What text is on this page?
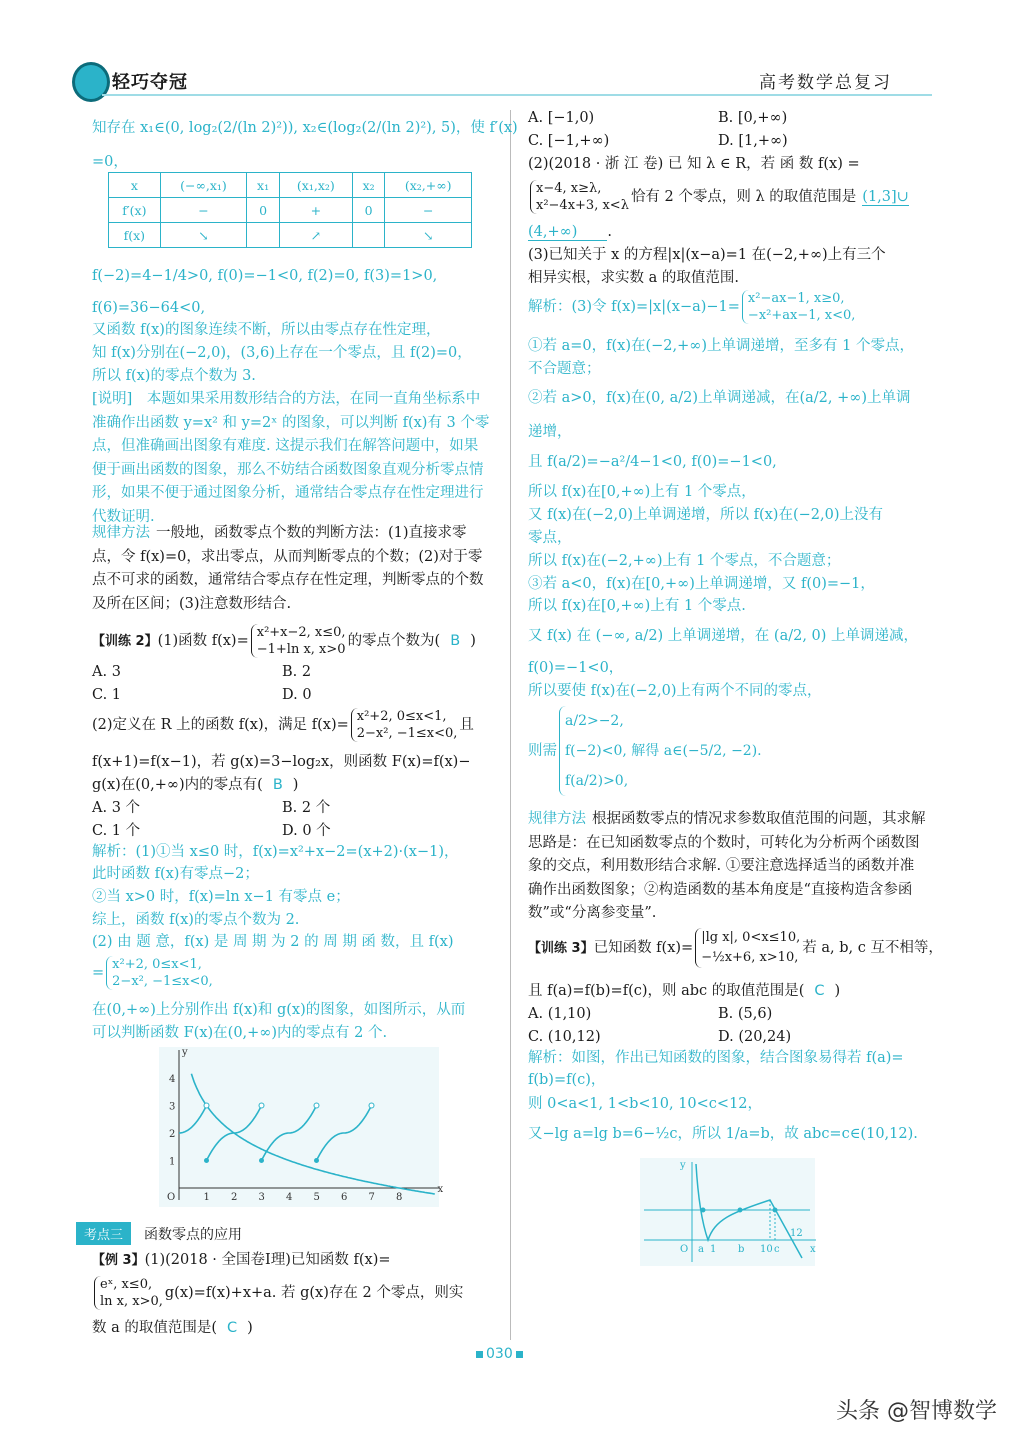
轻巧夺冠	高考数学总复习
知存在 x₁∈(0, log₂(2/(ln 2)²)), x₂∈(log₂(2/(ln 2)²), 5)，使 f′(x)
=0，
x	(−∞,x₁)	x₁	(x₁,x₂)	x₂	(x₂,+∞)
f′(x)	−	0	+	0	−
f(x)	↘		↗		↘
f(−2)=4−1/4>0, f(0)=−1<0, f(2)=0, f(3)=1>0,
f(6)=36−64<0,
又函数 f(x)的图象连续不断，所以由零点存在性定理，
知 f(x)分别在(−2,0)，(3,6)上存在一个零点，且 f(2)=0，
所以 f(x)的零点个数为 3.
[说明]　本题如果采用数形结合的方法，在同一直角坐标系中准确作出函数 y=x² 和 y=2ˣ 的图象，可以判断 f(x)有 3 个零点，但准确画出图象有难度. 这提示我们在解答问题中，如果便于画出函数的图象，那么不妨结合函数图象直观分析零点情形，如果不便于通过图象分析，通常结合零点存在性定理进行代数证明.
规律方法 一般地，函数零点个数的判断方法：(1)直接求零点，令 f(x)=0，求出零点，从而判断零点的个数；(2)对于零点不可求的函数，通常结合零点存在性定理，判断零点的个数及所在区间；(3)注意数形结合.
【训练 2】(1)函数 f(x)=x²+x−2, x≤0,
−1+ln x, x>0的零点个数为( B )
A. 3	B. 2
C. 1	D. 0
(2)定义在 R 上的函数 f(x)，满足 f(x)=x²+2, 0≤x<1,
2−x², −1≤x<0,且
f(x+1)=f(x−1)，若 g(x)=3−log₂x，则函数 F(x)=f(x)−
g(x)在(0,+∞)内的零点有( B )
A. 3 个	B. 2 个
C. 1 个	D. 0 个
解析：(1)①当 x≤0 时，f(x)=x²+x−2=(x+2)·(x−1)，
此时函数 f(x)有零点−2；
②当 x>0 时，f(x)=ln x−1 有零点 e；
综上，函数 f(x)的零点个数为 2.
(2) 由 题 意，f(x) 是 周 期 为 2 的 周 期 函 数，且 f(x)
=x²+2, 0≤x<1,
2−x², −1≤x<0,
在(0,+∞)上分别作出 f(x)和 g(x)的图象，如图所示，从而
可以判断函数 F(x)在(0,+∞)内的零点有 2 个.
1 2 3 4 5 6 7 8
1
2
3
4
O
x
y
考点三	函数零点的应用
【例 3】(1)(2018 · 全国卷Ⅰ理)已知函数 f(x)=
eˣ, x≤0,
ln x, x>0,g(x)=f(x)+x+a. 若 g(x)存在 2 个零点，则实
数 a 的取值范围是( C )
A. [−1,0)	B. [0,+∞)
C. [−1,+∞)	D. [1,+∞)
(2)(2018 · 浙 江 卷) 已 知 λ ∈ R，若 函 数 f(x) =
x−4, x≥λ,
x²−4x+3, x<λ恰有 2 个零点，则 λ 的取值范围是 (1,3]∪
(4,+∞) .
(3)已知关于 x 的方程|x|(x−a)=1 在(−2,+∞)上有三个
相异实根，求实数 a 的取值范围.
解析：(3)令 f(x)=|x|(x−a)−1=x²−ax−1, x≥0,
−x²+ax−1, x<0,
①若 a=0，f(x)在(−2,+∞)上单调递增，至多有 1 个零点，
不合题意；
②若 a>0，f(x)在(0, a/2)上单调递减，在(a/2, +∞)上单调
递增，
且 f(a/2)=−a²/4−1<0, f(0)=−1<0,
所以 f(x)在[0,+∞)上有 1 个零点，
又 f(x)在(−2,0)上单调递增，所以 f(x)在(−2,0)上没有
零点，
所以 f(x)在(−2,+∞)上有 1 个零点，不合题意；
③若 a<0，f(x)在[0,+∞)上单调递增，又 f(0)=−1，
所以 f(x)在[0,+∞)上有 1 个零点.
又 f(x) 在 (−∞, a/2) 上单调递增，在 (a/2, 0) 上单调递减，
f(0)=−1<0，
所以要使 f(x)在(−2,0)上有两个不同的零点，
则需a/2>−2,
f(−2)<0, 解得 a∈(−5/2, −2).
f(a/2)>0,
规律方法 根据函数零点的情况求参数取值范围的问题，其求解思路是：在已知函数零点的个数时，可转化为分析两个函数图象的交点，利用数形结合求解. ①要注意选择适当的函数并准确作出函数图象；②构造函数的基本角度是“直接构造含参函数”或“分离参变量”.
【训练 3】已知函数 f(x)=|lg x|, 0<x≤10,
−½x+6, x>10,若 a, b, c 互不相等，
且 f(a)=f(b)=f(c)，则 abc 的取值范围是( C )
A. (1,10)	B. (5,6)
C. (10,12)	D. (20,24)
解析：如图，作出已知函数的图象，结合图象易得若 f(a)=
f(b)=f(c)，
则 0<a<1, 1<b<10, 10<c<12，
又−lg a=lg b=6−½c，所以 1/a=b，故 abc=c∈(10,12).
O a 1 b 10 c
12
x
y
030
头条 @智博数学
